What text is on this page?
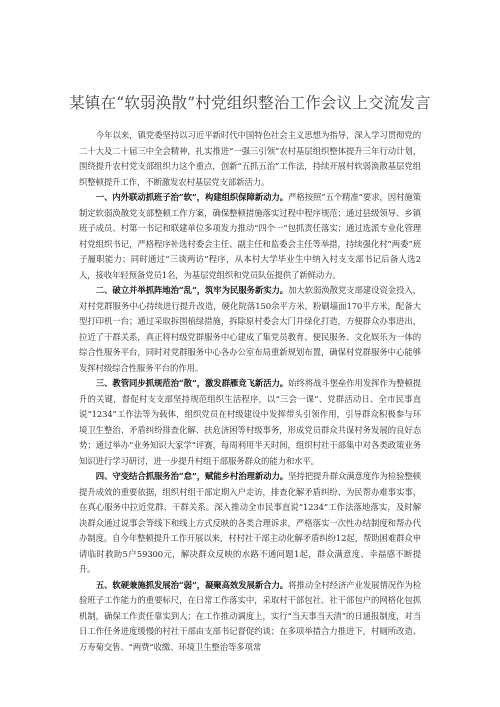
某镇在“软弱涣散”村党组织整治工作会议上交流发言

今年以来，镇党委坚持以习近平新时代中国特色社会主义思想为指导，深入学习贯彻党的二十大及二十届三中全会精神，扎实推进“一强三引领”农村基层组织整体提升三年行动计划，围绕提升农村党支部组织力这个重点，创新“五抓五治”工作法，持续开展村软弱涣散基层党组织整顿提升工作，不断激发农村基层党支部新活力。

一、内外联动抓班子治“软”，构建组织保障新动力。严格按照“五个精准”要求，因村施策制定软弱涣散党支部整顿工作方案，确保整顿措施落实过程中程序规范；通过县级领导、乡镇班子成员、村第一书记和联建单位多项发力推动“四个一”包抓责任落实；通过选派专业化管理村党组织书记，严格程序补选村委会主任、副主任和监委会主任等举措，持续强化村“两委”班子履职能力；同时通过“三谈两访”程序，从本村大学毕业生中纳入村支支部书记后备人选2人，接收年轻预备党员1名，为基层党组织和党员队伍提供了新鲜动力。

二、破立并举抓阵地治“乱”，筑牢为民服务新实力。加大软弱涣散党支部建设资金投入，对村党群服务中心持续进行提升改造，硬化院落150余平方米，粉刷墙面170平方米，配备大型打印机一台；通过采取拆围植绿措施，拆除原村委会大门并绿化打造，方便群众办事进出，拉近了干群关系，真正将村级党群服务中心建成了集党员教育、便民服务、文化娱乐为一体的综合性服务平台，同时对党群服务中心各办公室布局重新规划布置，确保村党群服务中心能够发挥村级综合性服务平台的作用。

三、教管同步抓规范治“散”，激发群雁竞飞新活力。始终将战斗堡垒作用发挥作为整顿提升的关键，督促村支支部坚持规范组织生活程序，以“三会一课”、党群活动日、全市民事直说“1234”工作法等为载体，组织党员在村级建设中发挥带头引领作用，引导群众积极参与环境卫生整治、矛盾纠纷排查化解、扶危济困等村级事务，形成党员群众共谋村务发展的良好态势；通过举办“业务知识大家学”评赛，每周利用半天时间，组织村社干部集中对各类政策业务知识进行学习研讨，进一步提升村组干部服务群众的能力和水平。

四、守变结合抓服务治“怠”，赋能乡村治理新动力。坚持把提升群众满意度作为检验整顿提升成效的重要依据，组织村组干部定期入户走访，排查化解矛盾纠纷、为民帮办难事实事，在真心服务中拉近党群、干群关系。深入推动全市民事直说“1234”工作法落地落实，及时解决群众通过说事会等线下和线上方式反映的各类合理诉求，严格落实一次性办结制度和帮办代办制度。自今年整顿提升工作开展以来，村村社干部主动化解矛盾纠纷12起，帮助困难群众申请临时救助5户59300元，解决群众反映的水路不通问题1起，群众满意度、幸福感不断提升。

五、软硬兼施抓发展治“弱”，凝聚高效发展新合力。将推动全村经济产业发展情况作为检验班子工作能力的重要标尺，在日常工作落实中，采取村干部包社、社干部包户的网格化包抓机制，确保工作责任靠实到人；在工作推动调度上，实行“当天事当天清”的日通报制度，对当日工作任务进度缓慢的村社干部由支部书记督促约谈；在多项举措合力推进下，村厕所改造、万寿菊交售、“两费”收缴、环境卫生整治等多项常
